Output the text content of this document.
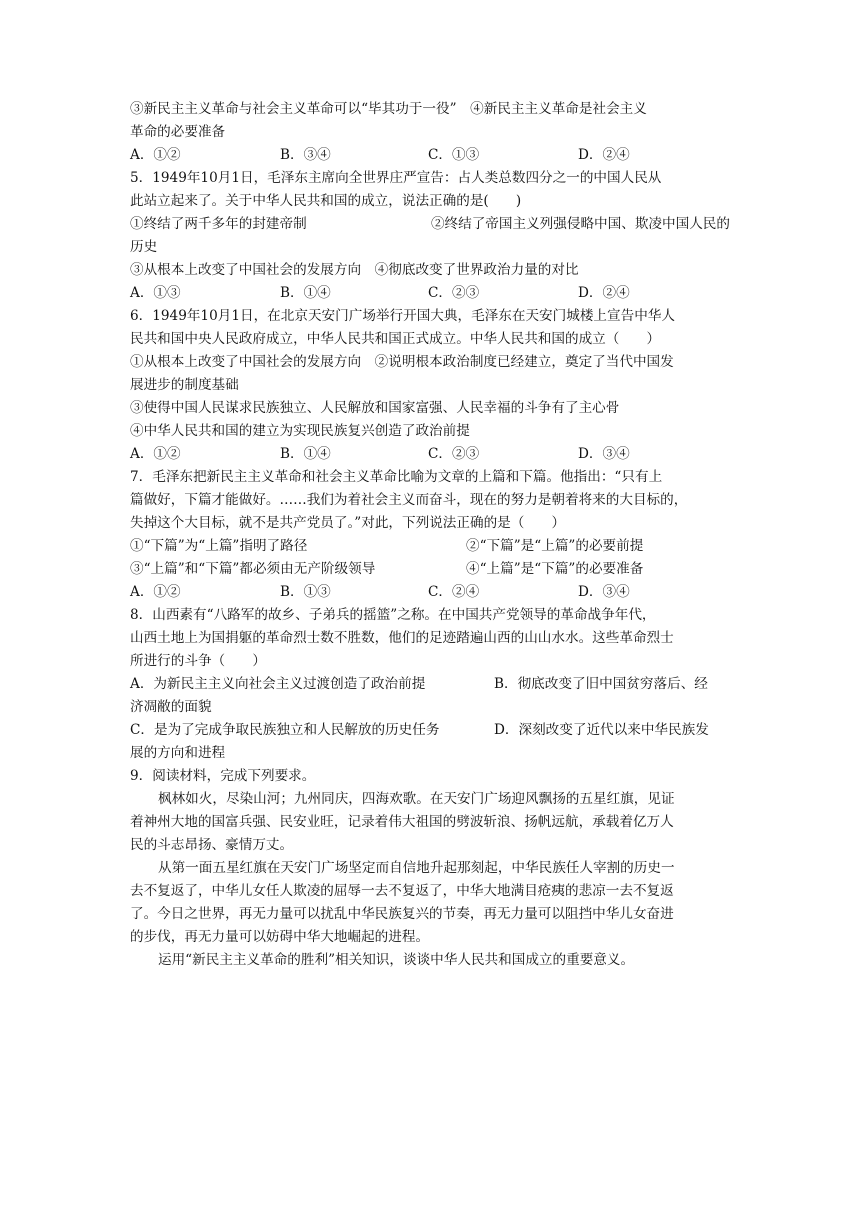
③新民主主义革命与社会主义革命可以“毕其功于一役”　④新民主主义革命是社会主义
革命的必要准备
A．①②	B．③④	C．①③	D．②④
5．1949年10月1日，毛泽东主席向全世界庄严宣告：占人类总数四分之一的中国人民从
此站立起来了。关于中华人民共和国的成立，说法正确的是(　　)
①终结了两千多年的封建帝制	②终结了帝国主义列强侵略中国、欺凌中国人民的
历史
③从根本上改变了中国社会的发展方向　④彻底改变了世界政治力量的对比
A．①③	B．①④	C．②③	D．②④
6．1949年10月1日，在北京天安门广场举行开国大典，毛泽东在天安门城楼上宣告中华人
民共和国中央人民政府成立，中华人民共和国正式成立。中华人民共和国的成立（　　）
①从根本上改变了中国社会的发展方向　②说明根本政治制度已经建立，奠定了当代中国发
展进步的制度基础
③使得中国人民谋求民族独立、人民解放和国家富强、人民幸福的斗争有了主心骨
④中华人民共和国的建立为实现民族复兴创造了政治前提
A．①②	B．①④	C．②③	D．③④
7．毛泽东把新民主主义革命和社会主义革命比喻为文章的上篇和下篇。他指出：“只有上
篇做好，下篇才能做好。……我们为着社会主义而奋斗，现在的努力是朝着将来的大目标的，
失掉这个大目标，就不是共产党员了。”对此，下列说法正确的是（　　）
①“下篇”为“上篇”指明了路径	②“下篇”是“上篇”的必要前提
③“上篇”和“下篇”都必须由无产阶级领导	④“上篇”是“下篇”的必要准备
A．①②	B．①③	C．②④	D．③④
8．山西素有“八路军的故乡、子弟兵的摇篮”之称。在中国共产党领导的革命战争年代，
山西土地上为国捐躯的革命烈士数不胜数，他们的足迹踏遍山西的山山水水。这些革命烈士
所进行的斗争（　　）
A．为新民主主义向社会主义过渡创造了政治前提	B．彻底改变了旧中国贫穷落后、经
济凋敝的面貌
C．是为了完成争取民族独立和人民解放的历史任务	D．深刻改变了近代以来中华民族发
展的方向和进程
9．阅读材料，完成下列要求。
枫林如火，尽染山河；九州同庆，四海欢歌。在天安门广场迎风飘扬的五星红旗，见证
着神州大地的国富兵强、民安业旺，记录着伟大祖国的劈波斩浪、扬帆远航，承载着亿万人
民的斗志昂扬、豪情万丈。
从第一面五星红旗在天安门广场坚定而自信地升起那刻起，中华民族任人宰割的历史一
去不复返了，中华儿女任人欺凌的屈辱一去不复返了，中华大地满目疮痍的悲凉一去不复返
了。今日之世界，再无力量可以扰乱中华民族复兴的节奏，再无力量可以阻挡中华儿女奋进
的步伐，再无力量可以妨碍中华大地崛起的进程。
运用“新民主主义革命的胜利”相关知识，谈谈中华人民共和国成立的重要意义。
